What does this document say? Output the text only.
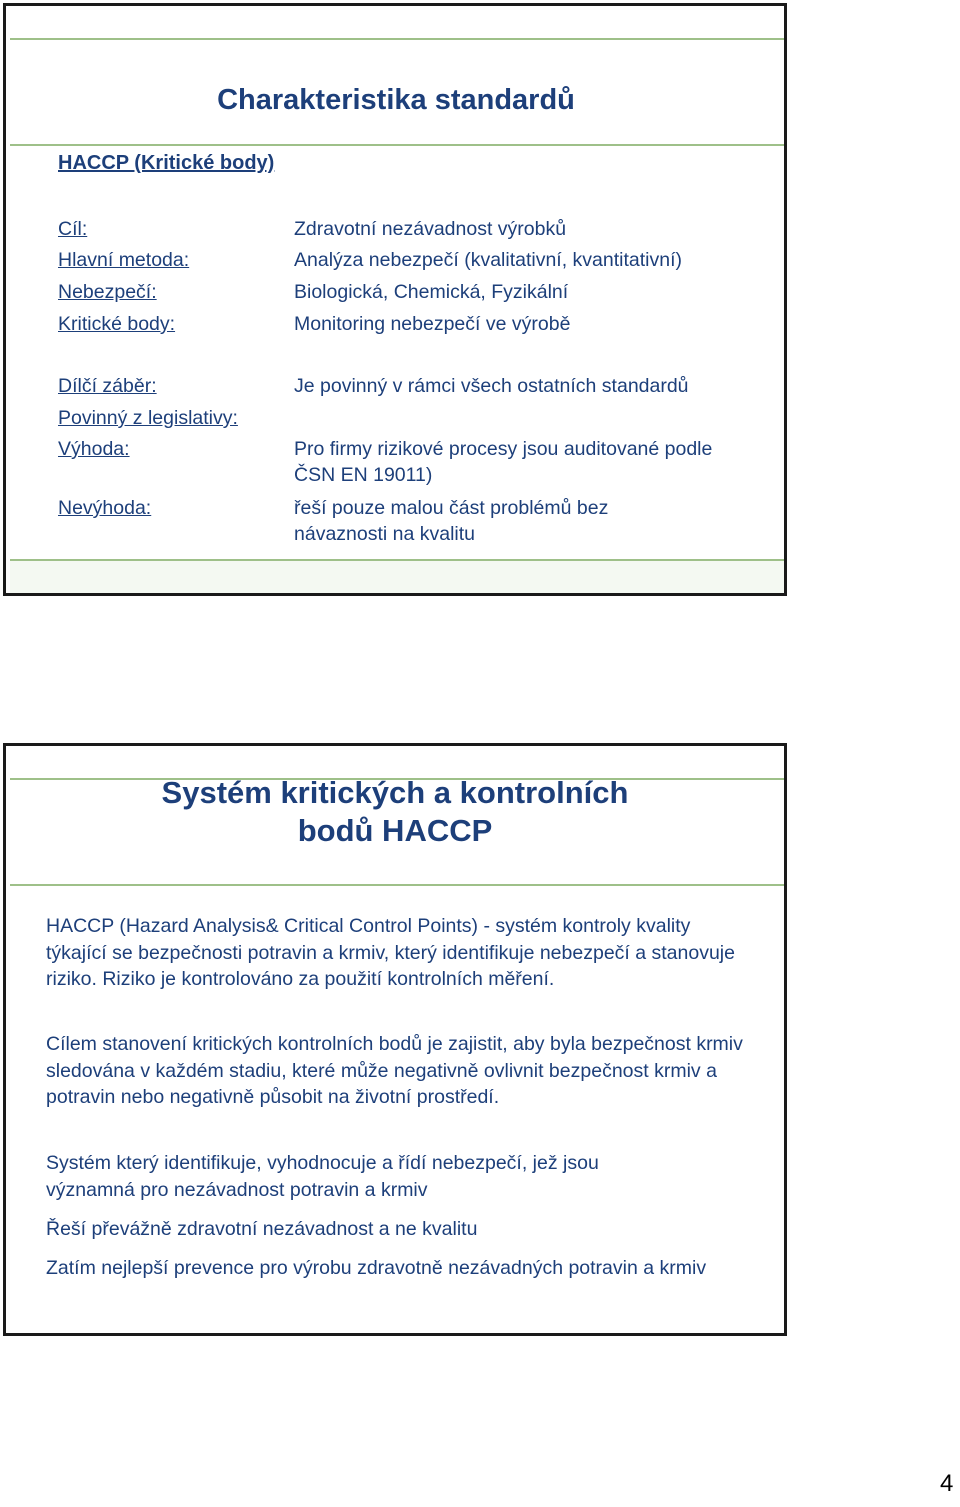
Charakteristika standardů
HACCP (Kritické body)
Cíl:	Zdravotní nezávadnost výrobků
Hlavní metoda:	Analýza nebezpečí (kvalitativní, kvantitativní)
Nebezpečí:	Biologická, Chemická, Fyzikální
Kritické body:	Monitoring nebezpečí ve výrobě
Dílčí záběr:	Je povinný v rámci všech ostatních standardů
Povinný z legislativy:
Výhoda:	Pro firmy rizikové procesy jsou auditované podle ČSN EN 19011)
Nevýhoda:	řeší pouze malou část problémů bez návaznosti na kvalitu
Systém kritických a kontrolních bodů HACCP
HACCP (Hazard Analysis& Critical Control Points) - systém kontroly kvality týkající se bezpečnosti potravin a krmiv, který identifikuje nebezpečí a stanovuje riziko. Riziko je kontrolováno za použití kontrolních měření.
Cílem stanovení kritických kontrolních bodů je zajistit, aby byla bezpečnost krmiv sledována v každém stadiu, které může negativně ovlivnit bezpečnost krmiv a potravin nebo negativně působit na životní prostředí.
Systém který identifikuje, vyhodnocuje a řídí nebezpečí, jež jsou významná pro nezávadnost potravin a krmiv
Řeší převážně zdravotní nezávadnost a ne kvalitu
Zatím nejlepší prevence pro výrobu zdravotně nezávadných potravin a krmiv
4
